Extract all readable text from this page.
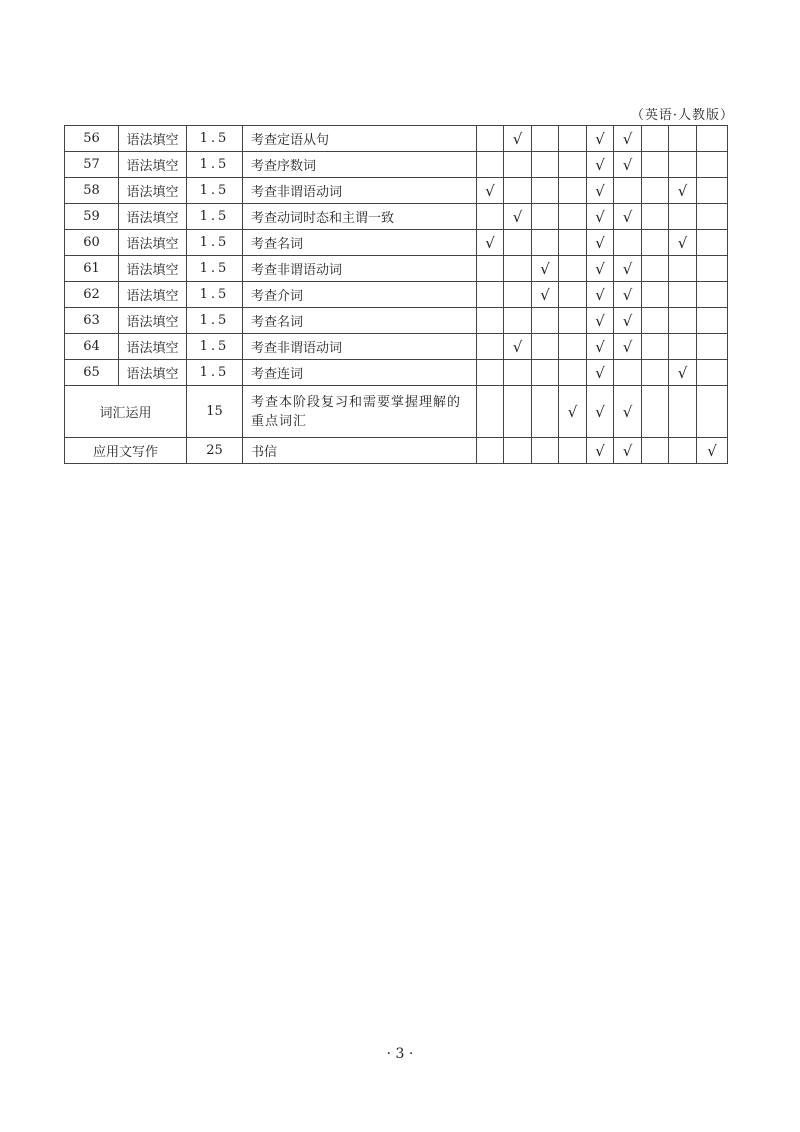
（英语·人教版）
56	语法填空	1.5	考查定语从句		√			√	√			
57	语法填空	1.5	考查序数词					√	√			
58	语法填空	1.5	考查非谓语动词	√				√			√	
59	语法填空	1.5	考查动词时态和主谓一致		√			√	√			
60	语法填空	1.5	考查名词	√				√			√	
61	语法填空	1.5	考查非谓语动词			√		√	√			
62	语法填空	1.5	考查介词			√		√	√			
63	语法填空	1.5	考查名词					√	√			
64	语法填空	1.5	考查非谓语动词		√			√	√			
65	语法填空	1.5	考查连词					√			√	
词汇运用		15	考查本阶段复习和需要掌握理解的重点词汇				√	√	√			
应用文写作		25	书信					√	√			√
· 3 ·
